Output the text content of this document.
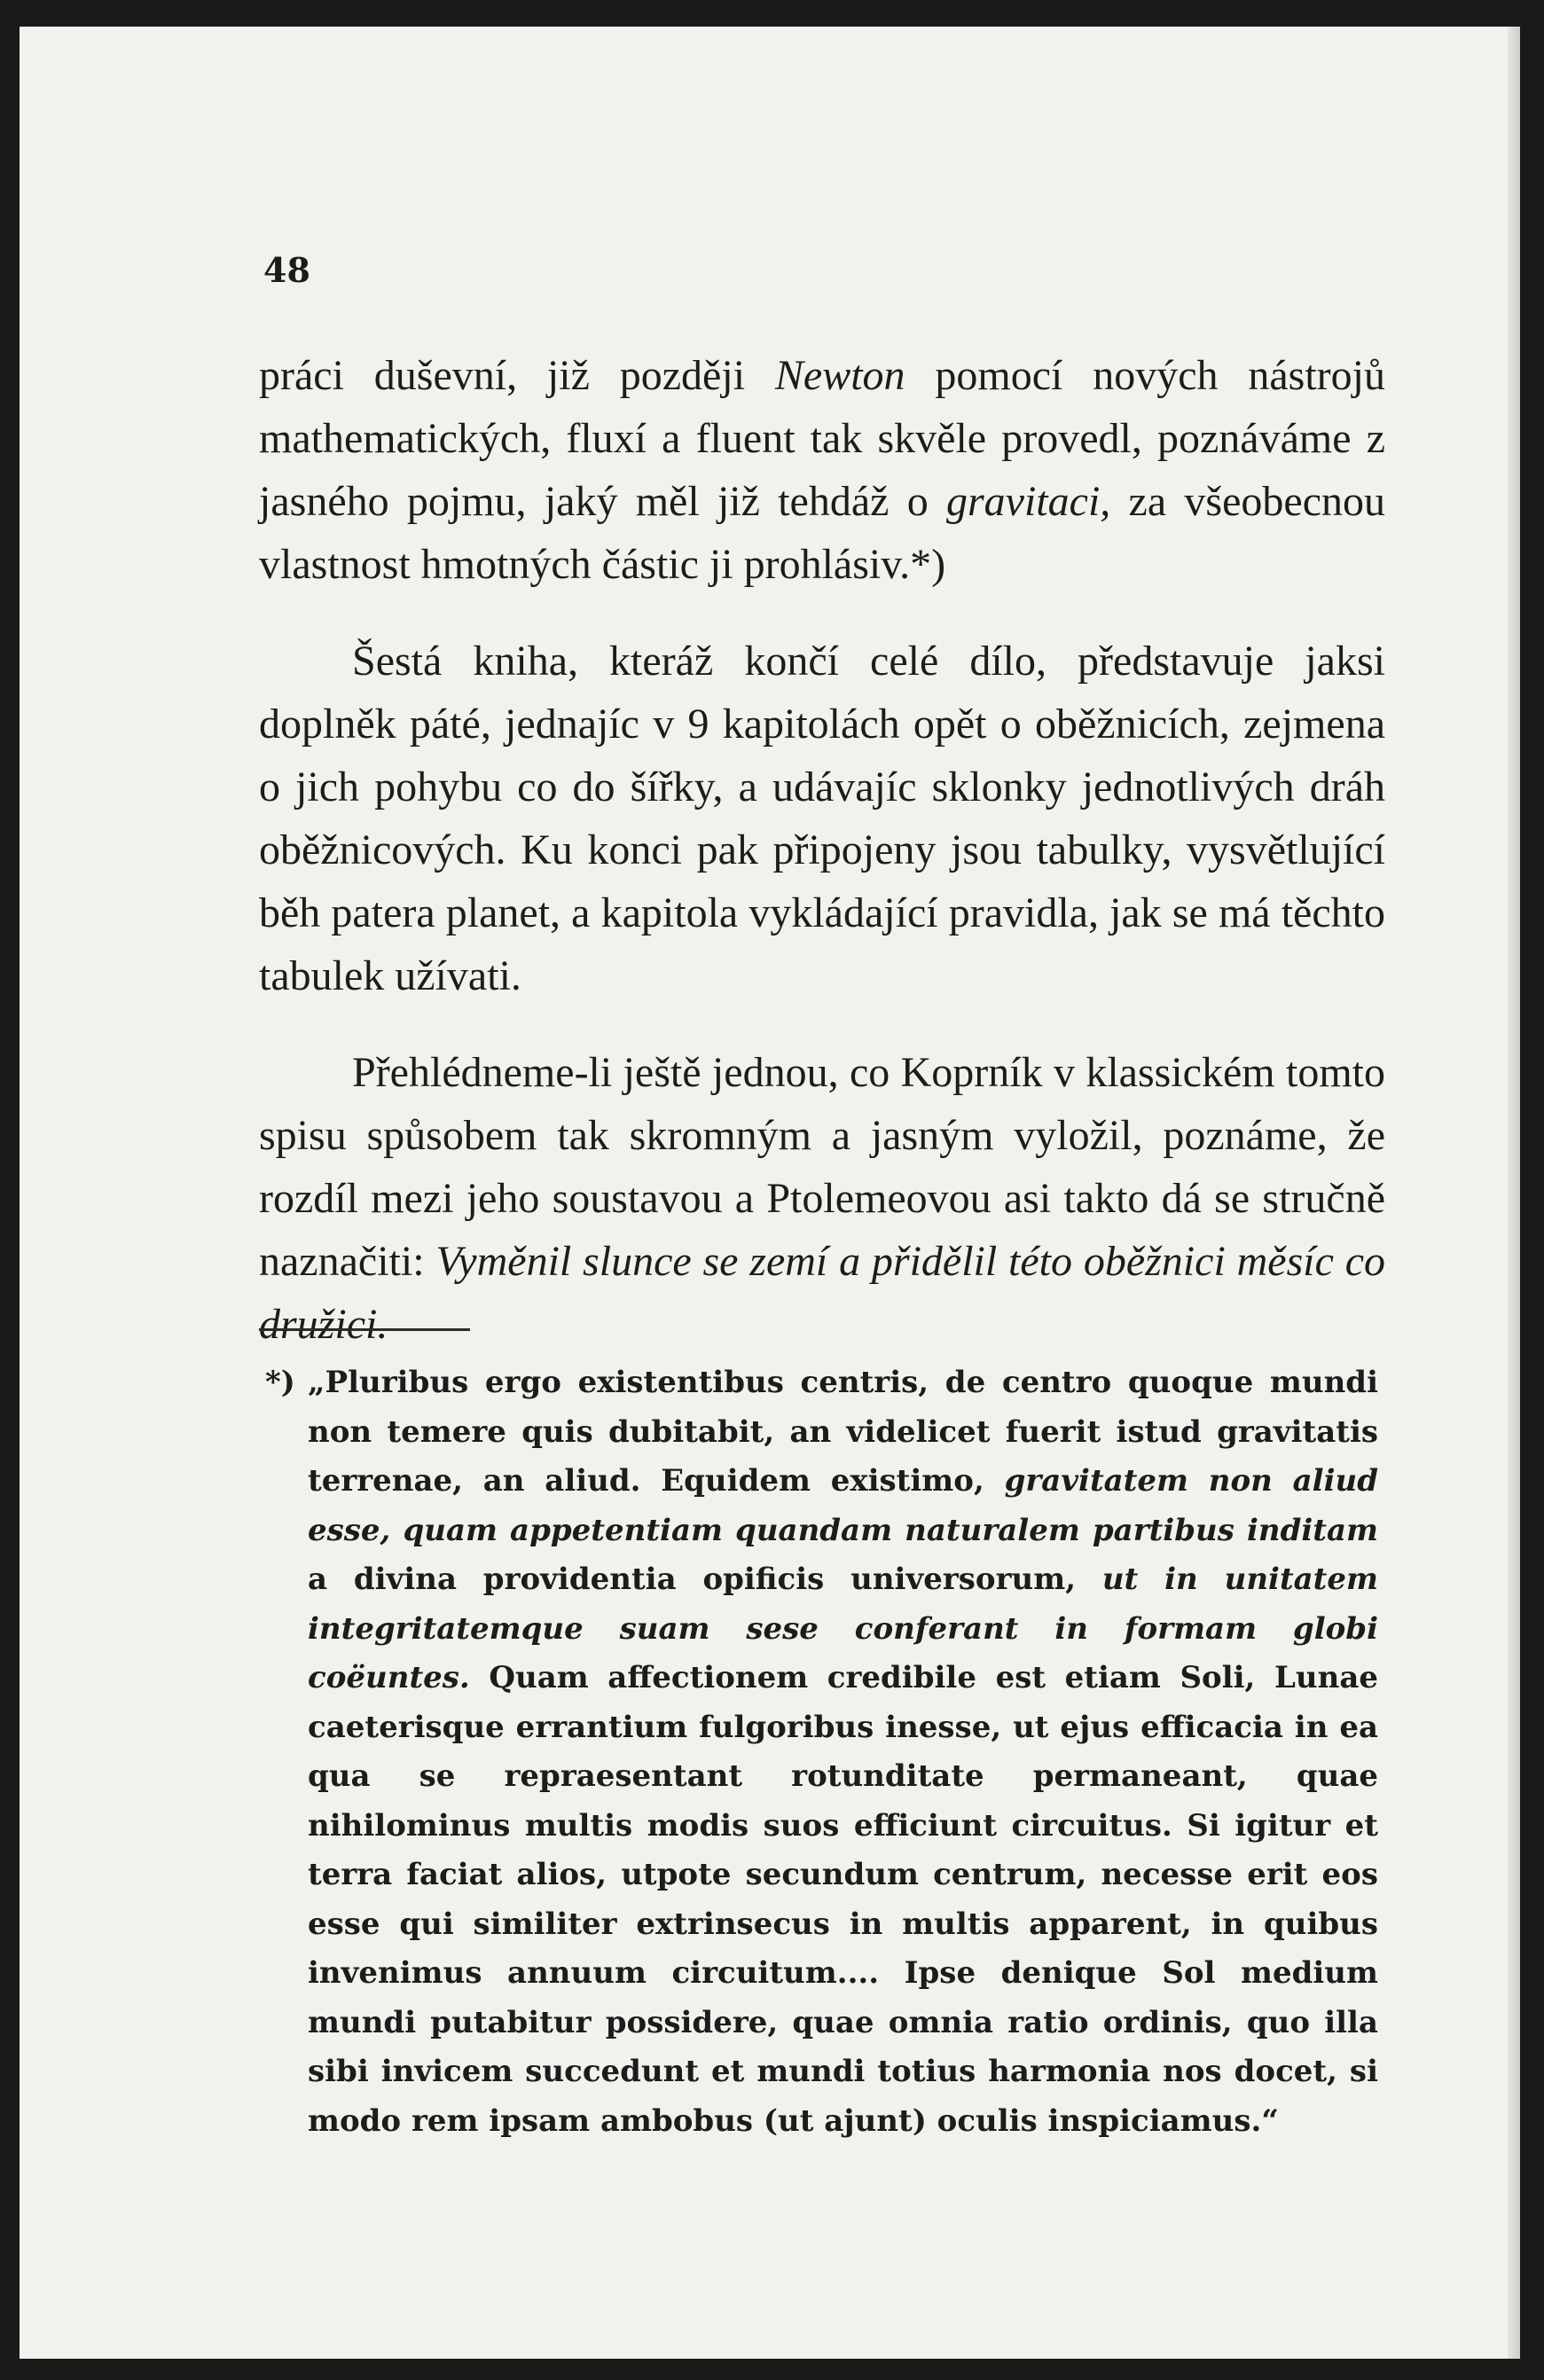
48

práci duševní, již později Newton pomocí nových nástrojů mathematických, fluxí a fluent tak skvěle provedl, poznáváme z jasného pojmu, jaký měl již tehdáž o gravitaci, za všeobecnou vlastnost hmotných částic ji prohlásiv.*)

Šestá kniha, kteráž končí celé dílo, představuje jaksi doplněk páté, jednajíc v 9 kapitolách opět o oběžnicích, zejmena o jich pohybu co do šířky, a udávajíc sklonky jednotlivých dráh oběžnicových. Ku konci pak připojeny jsou tabulky, vysvětlující běh patera planet, a kapitola vykládající pravidla, jak se má těchto tabulek užívati.

Přehlédneme-li ještě jednou, co Koprník v klassickém tomto spisu spůsobem tak skromným a jasným vyložil, poznáme, že rozdíl mezi jeho soustavou a Ptolemeovou asi takto dá se stručně naznačiti: Vyměnil slunce se zemí a přidělil této oběžnici měsíc co družici.

*) „Pluribus ergo existentibus centris, de centro quoque mundi non temere quis dubitabit, an videlicet fuerit istud gravitatis terrenae, an aliud. Equidem existimo, gravitatem non aliud esse, quam appetentiam quandam naturalem partibus inditam a divina providentia opificis universorum, ut in unitatem integritatemque suam sese conferant in formam globi coëuntes. Quam affectionem credibile est etiam Soli, Lunae caeterisque errantium fulgoribus inesse, ut ejus efficacia in ea qua se repraesentant rotunditate permaneant, quae nihilominus multis modis suos efficiunt circuitus. Si igitur et terra faciat alios, utpote secundum centrum, necesse erit eos esse qui similiter extrinsecus in multis apparent, in quibus invenimus annuum circuitum.... Ipse denique Sol medium mundi putabitur possidere, quae omnia ratio ordinis, quo illa sibi invicem succedunt et mundi totius harmonia nos docet, si modo rem ipsam ambobus (ut ajunt) oculis inspiciamus.“
